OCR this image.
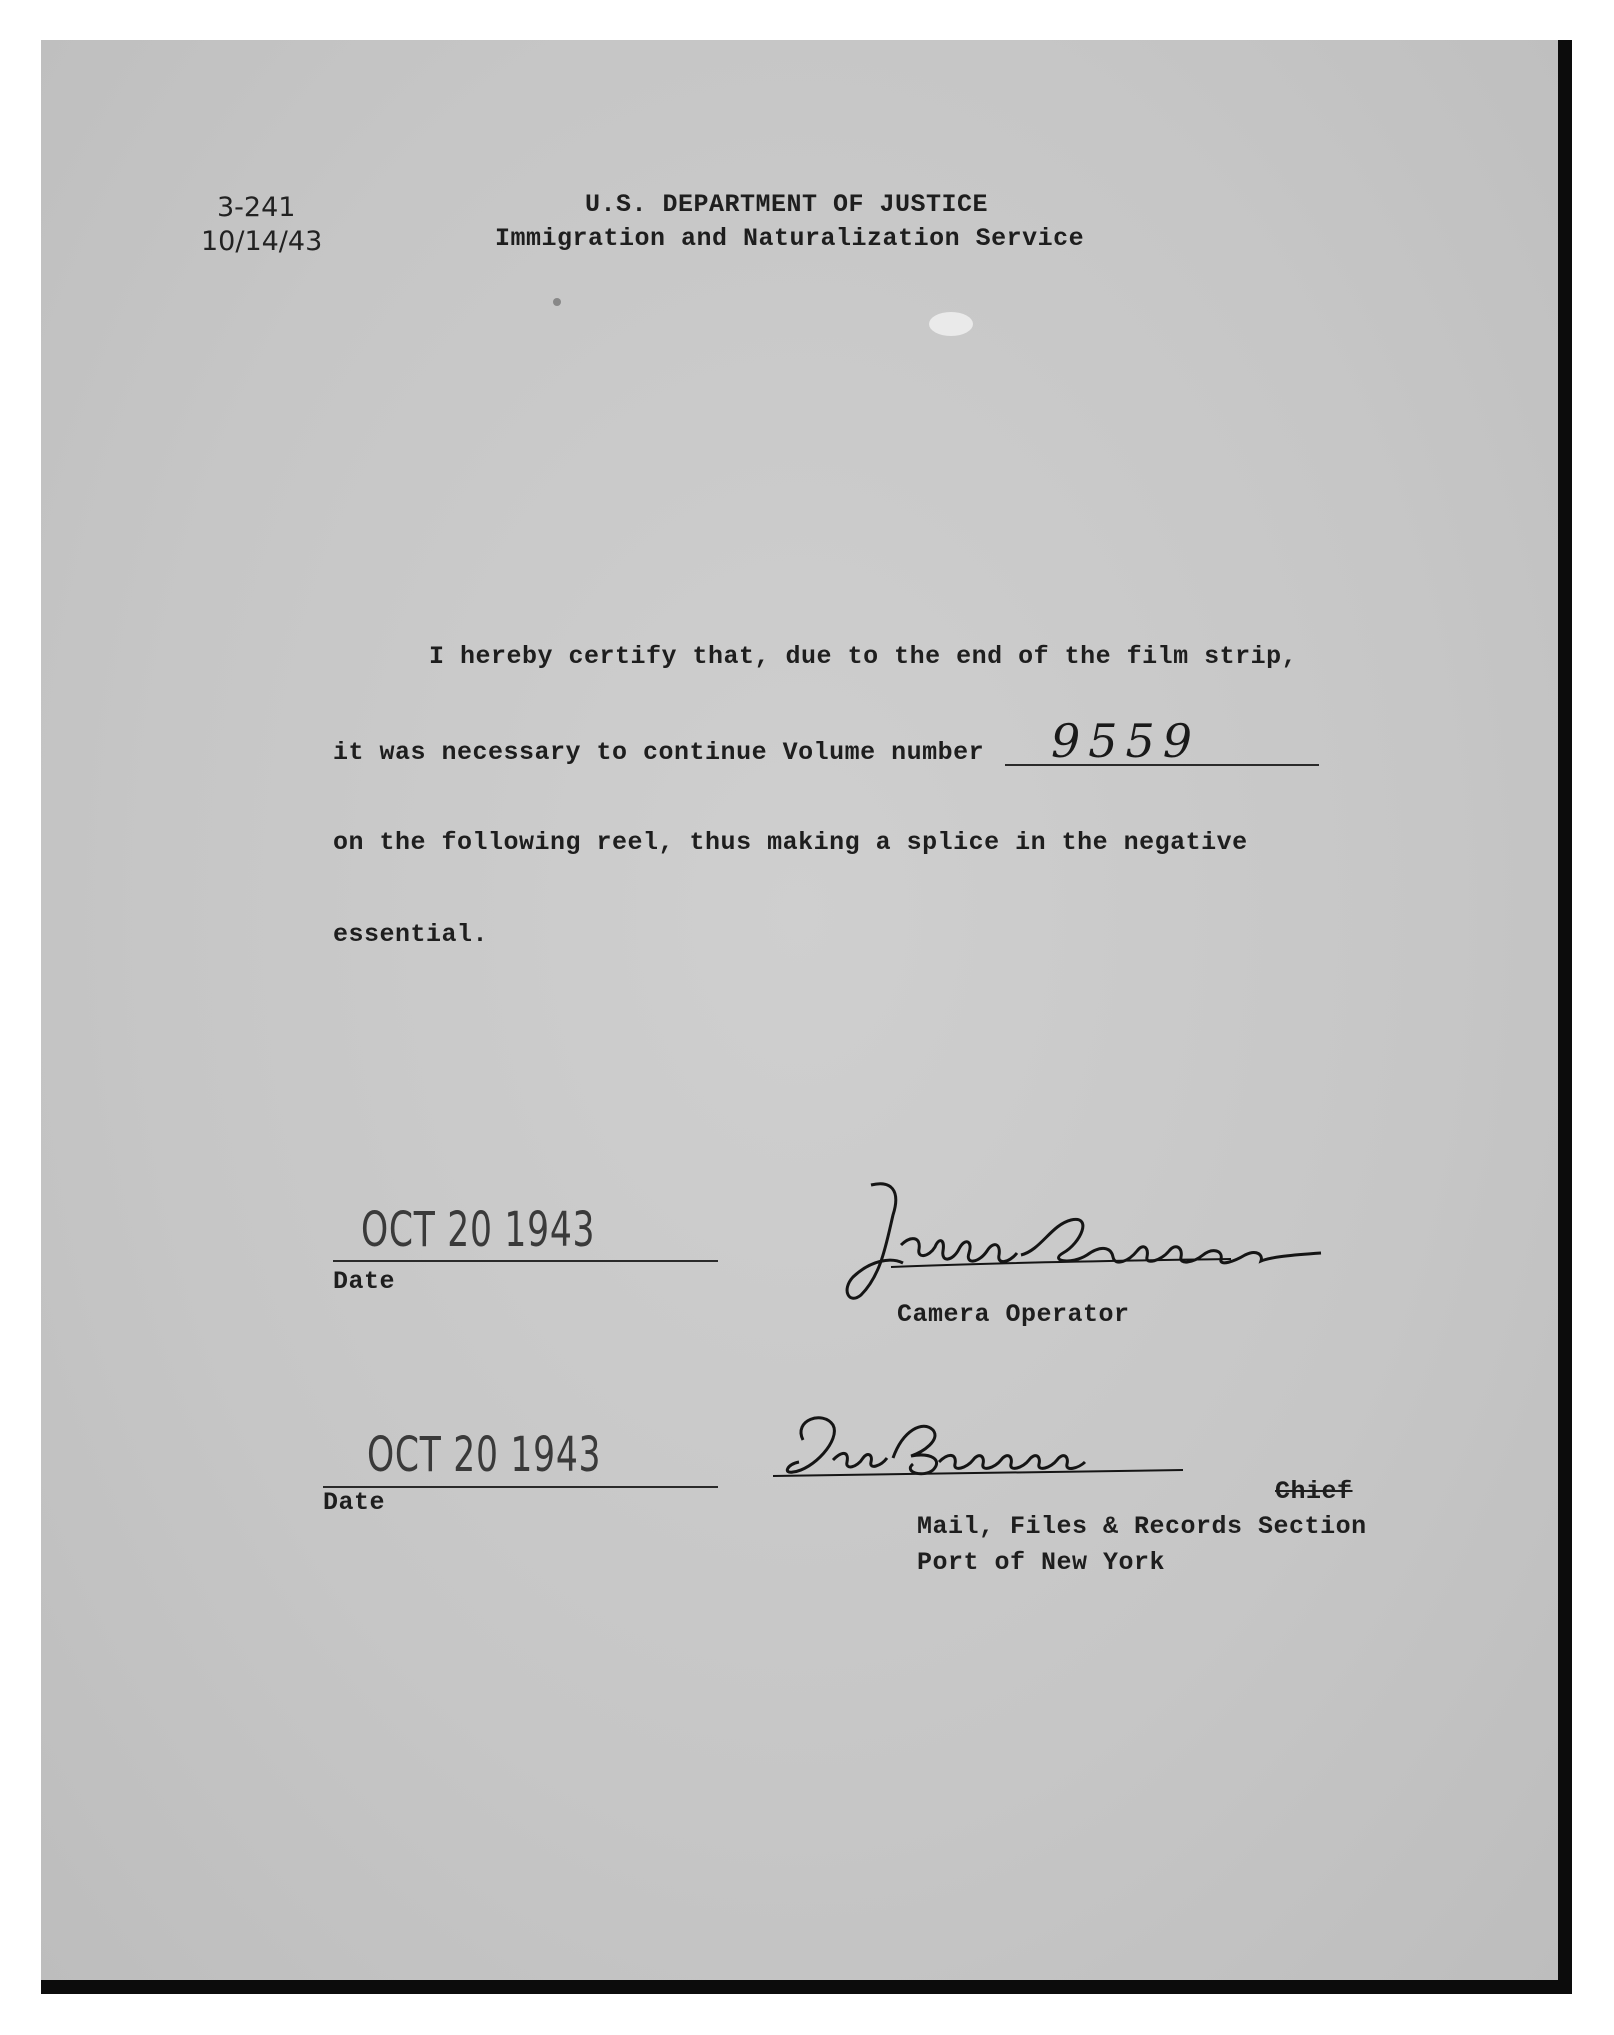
3-241
10/14/43
U.S. DEPARTMENT OF JUSTICE
Immigration and Naturalization Service
I hereby certify that, due to the end of the film strip,
it was necessary to continue Volume number 9559
on the following reel, thus making a splice in the negative
essential.
OCT 20 1943
Date
Camera Operator
OCT 20 1943
Date	Chief
Mail, Files & Records Section
Port of New York
